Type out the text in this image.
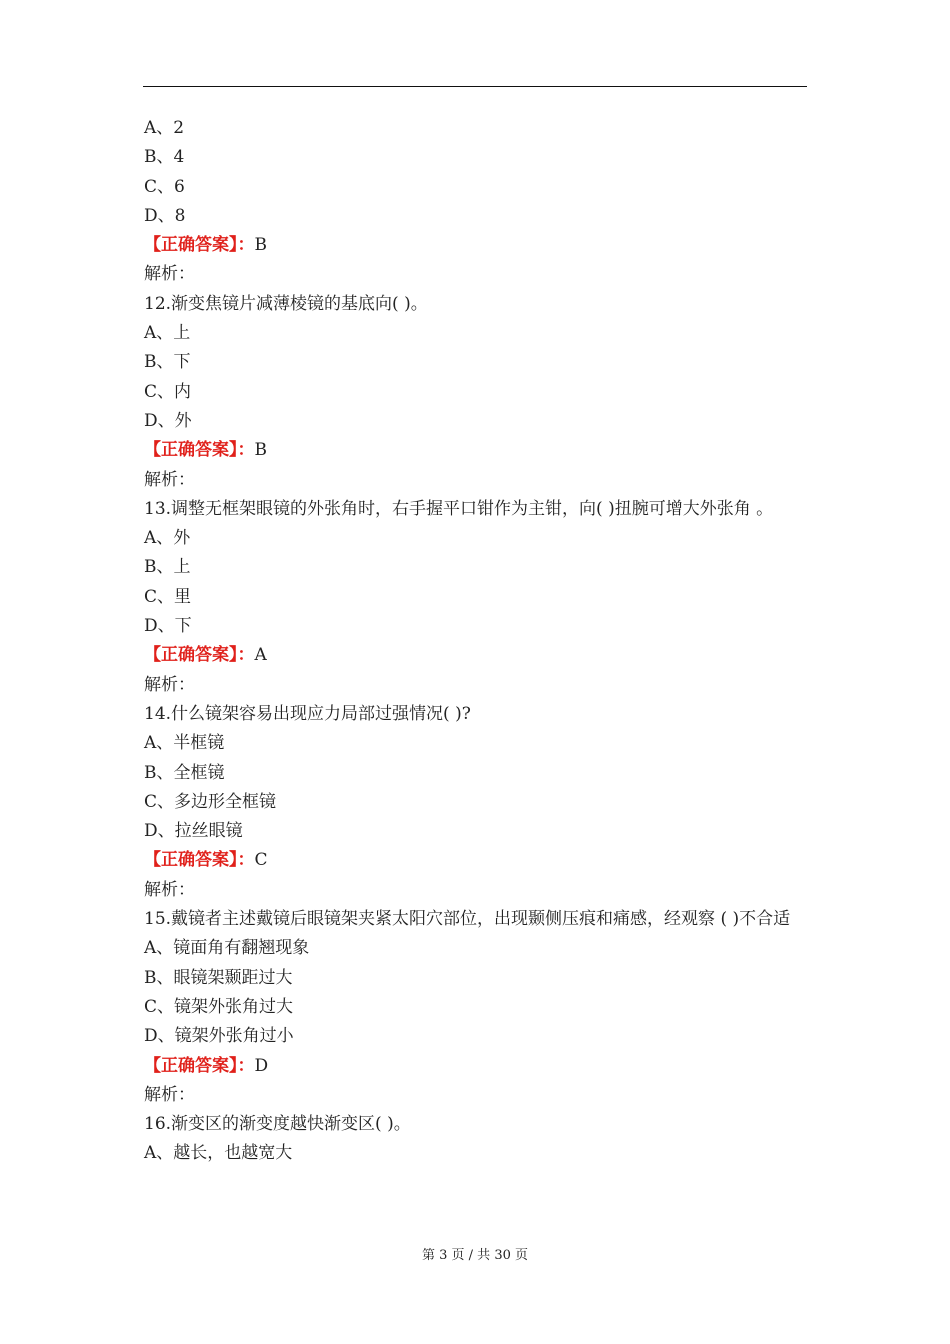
A、2
B、4
C、6
D、8
【正确答案】：B
解析：
12.渐变焦镜片减薄棱镜的基底向( )。
A、上
B、下
C、内
D、外
【正确答案】：B
解析：
13.调整无框架眼镜的外张角时，右手握平口钳作为主钳，向( )扭腕可增大外张角 。
A、外
B、上
C、里
D、下
【正确答案】：A
解析：
14.什么镜架容易出现应力局部过强情况( )?
A、半框镜
B、全框镜
C、多边形全框镜
D、拉丝眼镜
【正确答案】：C
解析：
15.戴镜者主述戴镜后眼镜架夹紧太阳穴部位，出现颞侧压痕和痛感，经观察 ( )不合适
A、镜面角有翻翘现象
B、眼镜架颞距过大
C、镜架外张角过大
D、镜架外张角过小
【正确答案】：D
解析：
16.渐变区的渐变度越快渐变区( )。
A、越长，也越宽大
第 3 页 / 共 30 页
